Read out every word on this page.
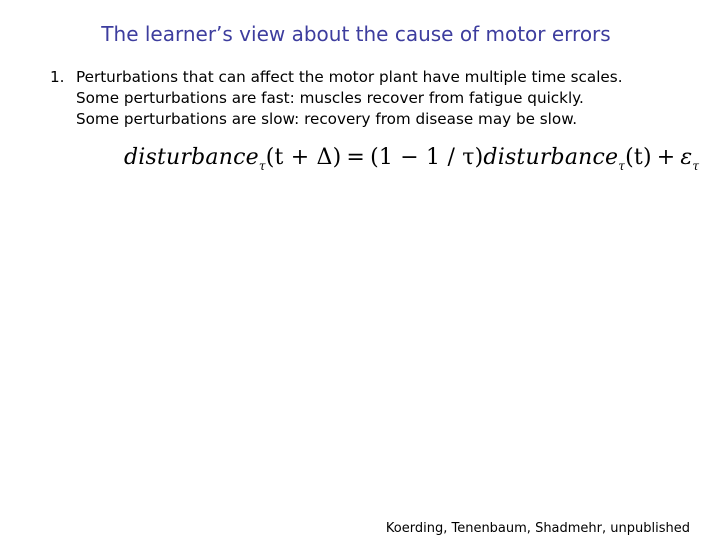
The learner’s view about the cause of motor errors
1. Perturbations that can affect the motor plant have multiple time scales.
Some perturbations are fast: muscles recover from fatigue quickly.
Some perturbations are slow: recovery from disease may be slow.
disturbance$_\tau$(t + Δ) = (1 − 1 / τ)disturbance$_\tau$(t) + $\varepsilon_\tau$
Koerding, Tenenbaum, Shadmehr, unpublished
